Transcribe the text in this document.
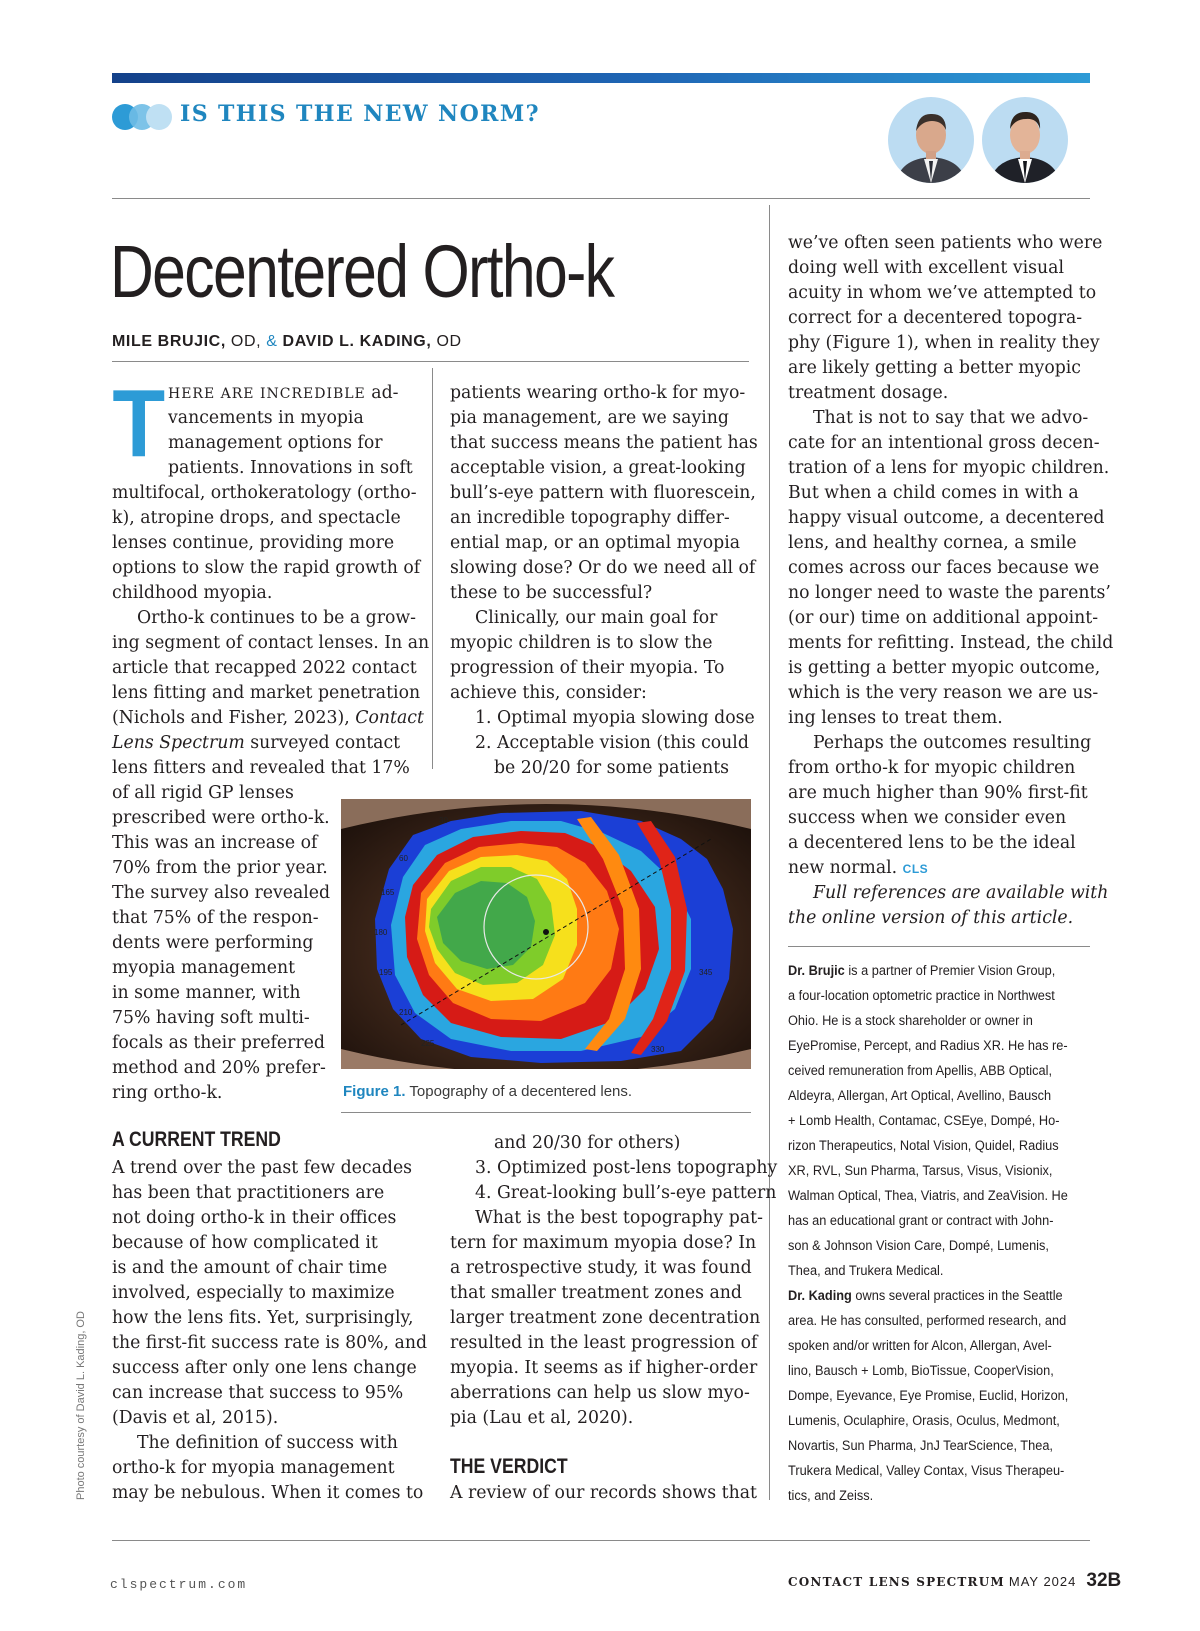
IS THIS THE NEW NORM?
Decentered Ortho-k
MILE BRUJIC, OD, & DAVID L. KADING, OD
T HERE ARE INCREDIBLE ad-
vancements in myopia
management options for
patients. Innovations in soft
multifocal, orthokeratology (ortho-
k), atropine drops, and spectacle
lenses continue, providing more
options to slow the rapid growth of
childhood myopia.
Ortho-k continues to be a grow-
ing segment of contact lenses. In an
article that recapped 2022 contact
lens fitting and market penetration
(Nichols and Fisher, 2023), Contact
Lens Spectrum surveyed contact
lens fitters and revealed that 17%
of all rigid GP lenses
prescribed were ortho-k.
This was an increase of
70% from the prior year.
The survey also revealed
that 75% of the respon-
dents were performing
myopia management
in some manner, with
75% having soft multi-
focals as their preferred
method and 20% prefer-
ring ortho-k.
patients wearing ortho-k for myo-
pia management, are we saying
that success means the patient has
acceptable vision, a great-looking
bull’s-eye pattern with fluorescein,
an incredible topography differ-
ential map, or an optimal myopia
slowing dose? Or do we need all of
these to be successful?
Clinically, our main goal for
myopic children is to slow the
progression of their myopia. To
achieve this, consider:
1. Optimal myopia slowing dose
2. Acceptable vision (this could
be 20/20 for some patients
60
165
180
195
210
225
345
330
30
Figure 1. Topography of a decentered lens.
A CURRENT TREND
A trend over the past few decades
has been that practitioners are
not doing ortho-k in their offices
because of how complicated it
is and the amount of chair time
involved, especially to maximize
how the lens fits. Yet, surprisingly,
the first-fit success rate is 80%, and
success after only one lens change
can increase that success to 95%
(Davis et al, 2015).
The definition of success with
ortho-k for myopia management
may be nebulous. When it comes to
and 20/30 for others)
3. Optimized post-lens topography
4. Great-looking bull’s-eye pattern
What is the best topography pat-
tern for maximum myopia dose? In
a retrospective study, it was found
that smaller treatment zones and
larger treatment zone decentration
resulted in the least progression of
myopia. It seems as if higher-order
aberrations can help us slow myo-
pia (Lau et al, 2020).
THE VERDICT
A review of our records shows that
we’ve often seen patients who were
doing well with excellent visual
acuity in whom we’ve attempted to
correct for a decentered topogra-
phy (Figure 1), when in reality they
are likely getting a better myopic
treatment dosage.
That is not to say that we advo-
cate for an intentional gross decen-
tration of a lens for myopic children.
But when a child comes in with a
happy visual outcome, a decentered
lens, and healthy cornea, a smile
comes across our faces because we
no longer need to waste the parents’
(or our) time on additional appoint-
ments for refitting. Instead, the child
is getting a better myopic outcome,
which is the very reason we are us-
ing lenses to treat them.
Perhaps the outcomes resulting
from ortho-k for myopic children
are much higher than 90% first-fit
success when we consider even
a decentered lens to be the ideal
new normal. CLS
Full references are available with
the online version of this article.
Dr. Brujic is a partner of Premier Vision Group,
a four-location optometric practice in Northwest
Ohio. He is a stock shareholder or owner in
EyePromise, Percept, and Radius XR. He has re-
ceived remuneration from Apellis, ABB Optical,
Aldeyra, Allergan, Art Optical, Avellino, Bausch
+ Lomb Health, Contamac, CSEye, Dompé, Ho-
rizon Therapeutics, Notal Vision, Quidel, Radius
XR, RVL, Sun Pharma, Tarsus, Visus, Visionix,
Walman Optical, Thea, Viatris, and ZeaVision. He
has an educational grant or contract with John-
son & Johnson Vision Care, Dompé, Lumenis,
Thea, and Trukera Medical.
Dr. Kading owns several practices in the Seattle
area. He has consulted, performed research, and
spoken and/or written for Alcon, Allergan, Avel-
lino, Bausch + Lomb, BioTissue, CooperVision,
Dompe, Eyevance, Eye Promise, Euclid, Horizon,
Lumenis, Oculaphire, Orasis, Oculus, Medmont,
Novartis, Sun Pharma, JnJ TearScience, Thea,
Trukera Medical, Valley Contax, Visus Therapeu-
tics, and Zeiss.
Photo courtesy of David L. Kading, OD
clspectrum.com	CONTACT LENS SPECTRUM MAY 2024 32B
